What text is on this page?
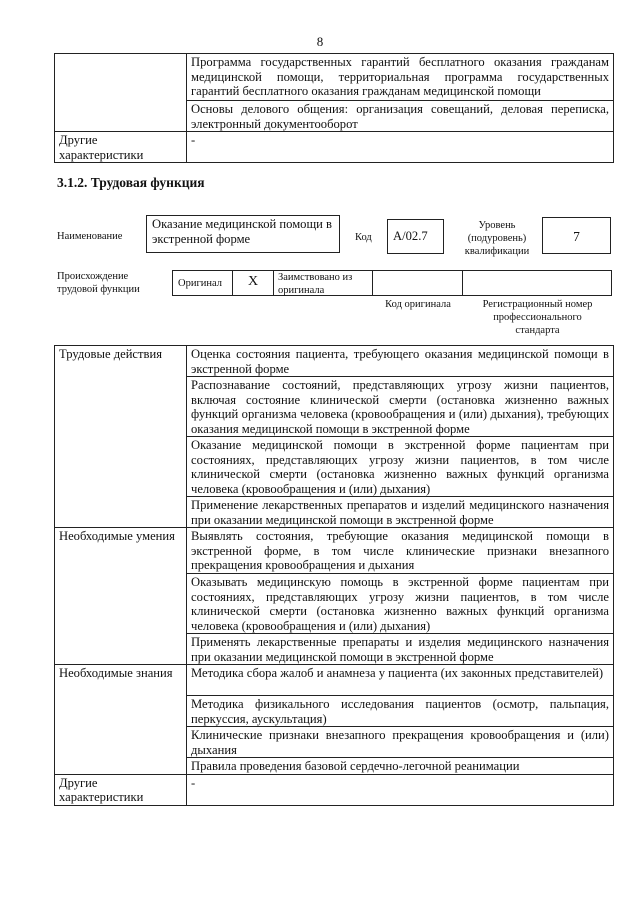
8
	Программа государственных гарантий бесплатного оказания гражданам медицинской помощи, территориальная программа государственных гарантий бесплатного оказания гражданам медицинской помощи
	Основы делового общения: организация совещаний, деловая переписка, электронный документооборот
Другие характеристики	-
3.1.2. Трудовая функция
Наименование
Оказание медицинской помощи в экстренной форме	Код	А/02.7
Уровень (подуровень) квалификации
7
Происхождение трудовой функции
Оригинал X Заимствовано из оригинала
Код оригинала	Регистрационный номер профессионального стандарта
Трудовые действия	Оценка состояния пациента, требующего оказания медицинской помощи в экстренной форме
	Распознавание состояний, представляющих угрозу жизни пациентов, включая состояние клинической смерти (остановка жизненно важных функций организма человека (кровообращения и (или) дыхания), требующих оказания медицинской помощи в экстренной форме
	Оказание медицинской помощи в экстренной форме пациентам при состояниях, представляющих угрозу жизни пациентов, в том числе клинической смерти (остановка жизненно важных функций организма человека (кровообращения и (или) дыхания)
	Применение лекарственных препаратов и изделий медицинского назначения при оказании медицинской помощи в экстренной форме
Необходимые умения	Выявлять состояния, требующие оказания медицинской помощи в экстренной форме, в том числе клинические признаки внезапного прекращения кровообращения и дыхания
	Оказывать медицинскую помощь в экстренной форме пациентам при состояниях, представляющих угрозу жизни пациентов, в том числе клинической смерти (остановка жизненно важных функций организма человека (кровообращения и (или) дыхания)
	Применять лекарственные препараты и изделия медицинского назначения при оказании медицинской помощи в экстренной форме
Необходимые знания	Методика сбора жалоб и анамнеза у пациента (их законных представителей)
	Методика физикального исследования пациентов (осмотр, пальпация, перкуссия, аускультация)
	Клинические признаки внезапного прекращения кровообращения и (или) дыхания
	Правила проведения базовой сердечно-легочной реанимации
Другие характеристики	-
